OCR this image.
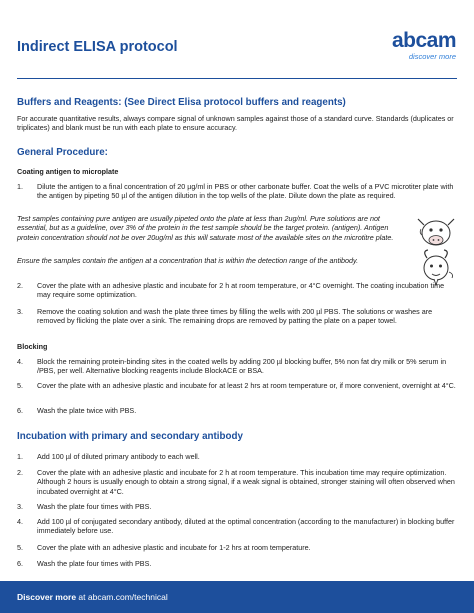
Indirect ELISA protocol	abcam
discover more
Buffers and Reagents: (See Direct Elisa protocol buffers and reagents)
For accurate quantitative results, always compare signal of unknown samples against those of a standard curve. Standards (duplicates or triplicates) and blank must be run with each plate to ensure accuracy.
General Procedure:
Coating antigen to microplate
1.	Dilute the antigen to a final concentration of 20 µg/ml in PBS or other carbonate buffer. Coat the wells of a PVC microtiter plate with the antigen by pipeting 50 µl of the antigen dilution in the top wells of the plate. Dilute down the plate as required.
Test samples containing pure antigen are usually pipeted onto the plate at less than 2ug/ml. Pure solutions are not essential, but as a guideline, over 3% of the protein in the test sample should be the target protein. (antigen). Antigen protein concentration should not be over 20ug/ml as this will saturate most of the available sites on the microtitre plate.
Ensure the samples contain the antigen at a concentration that is within the detection range of the antibody.
2.	Cover the plate with an adhesive plastic and incubate for 2 h at room temperature, or 4°C overnight. The coating incubation time may require some optimization.
3.	Remove the coating solution and wash the plate three times by filling the wells with 200 µl PBS. The solutions or washes are removed by flicking the plate over a sink. The remaining drops are removed by patting the plate on a paper towel.
Blocking
4.	Block the remaining protein-binding sites in the coated wells by adding 200 µl blocking buffer, 5% non fat dry milk or 5% serum in /PBS, per well. Alternative blocking reagents include BlockACE or BSA.
5.	Cover the plate with an adhesive plastic and incubate for at least 2 hrs at room temperature or, if more convenient, overnight at 4°C.
6.	Wash the plate twice with PBS.
Incubation with primary and secondary antibody
1.	Add 100 µl of diluted primary antibody to each well.
2.	Cover the plate with an adhesive plastic and incubate for 2 h at room temperature. This incubation time may require optimization. Although 2 hours is usually enough to obtain a strong signal, if a weak signal is obtained, stronger staining will often observed when incubated overnight at 4°C.
3.	Wash the plate four times with PBS.
4.	Add 100 µl of conjugated secondary antibody, diluted at the optimal concentration (according to the manufacturer) in blocking buffer immediately before use.
5.	Cover the plate with an adhesive plastic and incubate for 1-2 hrs at room temperature.
6.	Wash the plate four times with PBS.
Discover more at abcam.com/technical
